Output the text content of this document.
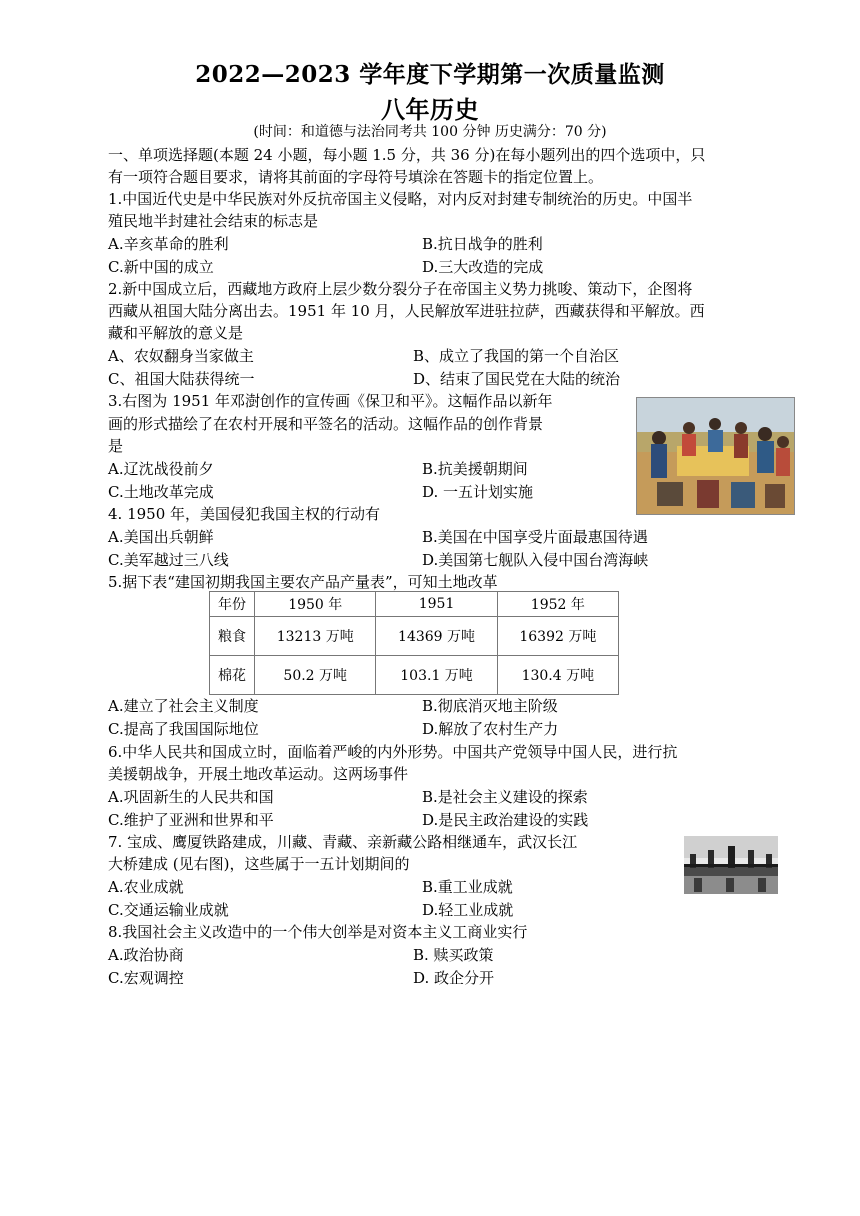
2022—2023 学年度下学期第一次质量监测
八年历史
(时间：和道德与法治同考共 100 分钟 历史满分：70 分)
一、单项选择题(本题 24 小题，每小题 1.5 分，共 36 分)在每小题列出的四个选项中，只
有一项符合题目要求，请将其前面的字母符号填涂在答题卡的指定位置上。
1.中国近代史是中华民族对外反抗帝国主义侵略，对内反对封建专制统治的历史。中国半
殖民地半封建社会结束的标志是
A.辛亥革命的胜利	B.抗日战争的胜利
C.新中国的成立	D.三大改造的完成
2.新中国成立后，西藏地方政府上层少数分裂分子在帝国主义势力挑唆、策动下，企图将
西藏从祖国大陆分离出去。1951 年 10 月，人民解放军进驻拉萨，西藏获得和平解放。西
藏和平解放的意义是
A、农奴翻身当家做主	B、成立了我国的第一个自治区
C、祖国大陆获得统一	D、结束了国民党在大陆的统治
3.右图为 1951 年邓澍创作的宣传画《保卫和平》。这幅作品以新年
画的形式描绘了在农村开展和平签名的活动。这幅作品的创作背景
是
A.辽沈战役前夕	B.抗美援朝期间
C.土地改革完成	D. 一五计划实施
4. 1950 年，美国侵犯我国主权的行动有
A.美国出兵朝鲜	B.美国在中国享受片面最惠国待遇
C.美军越过三八线	D.美国第七舰队入侵中国台湾海峡
5.据下表“建国初期我国主要农产品产量表”，可知土地改革
年份	1950 年	1951	1952 年
粮食	13213 万吨	14369 万吨	16392 万吨
棉花	50.2 万吨	103.1 万吨	130.4 万吨
A.建立了社会主义制度	B.彻底消灭地主阶级
C.提高了我国国际地位	D.解放了农村生产力
6.中华人民共和国成立时，面临着严峻的内外形势。中国共产党领导中国人民，进行抗
美援朝战争，开展土地改革运动。这两场事件
A.巩固新生的人民共和国	B.是社会主义建设的探索
C.维护了亚洲和世界和平	D.是民主政治建设的实践
7. 宝成、鹰厦铁路建成，川藏、青藏、亲新藏公路相继通车，武汉长江
大桥建成 (见右图)，这些属于一五计划期间的
A.农业成就	B.重工业成就
C.交通运输业成就	D.轻工业成就
8.我国社会主义改造中的一个伟大创举是对资本主义工商业实行
A.政治协商	B. 赎买政策
C.宏观调控	D. 政企分开
